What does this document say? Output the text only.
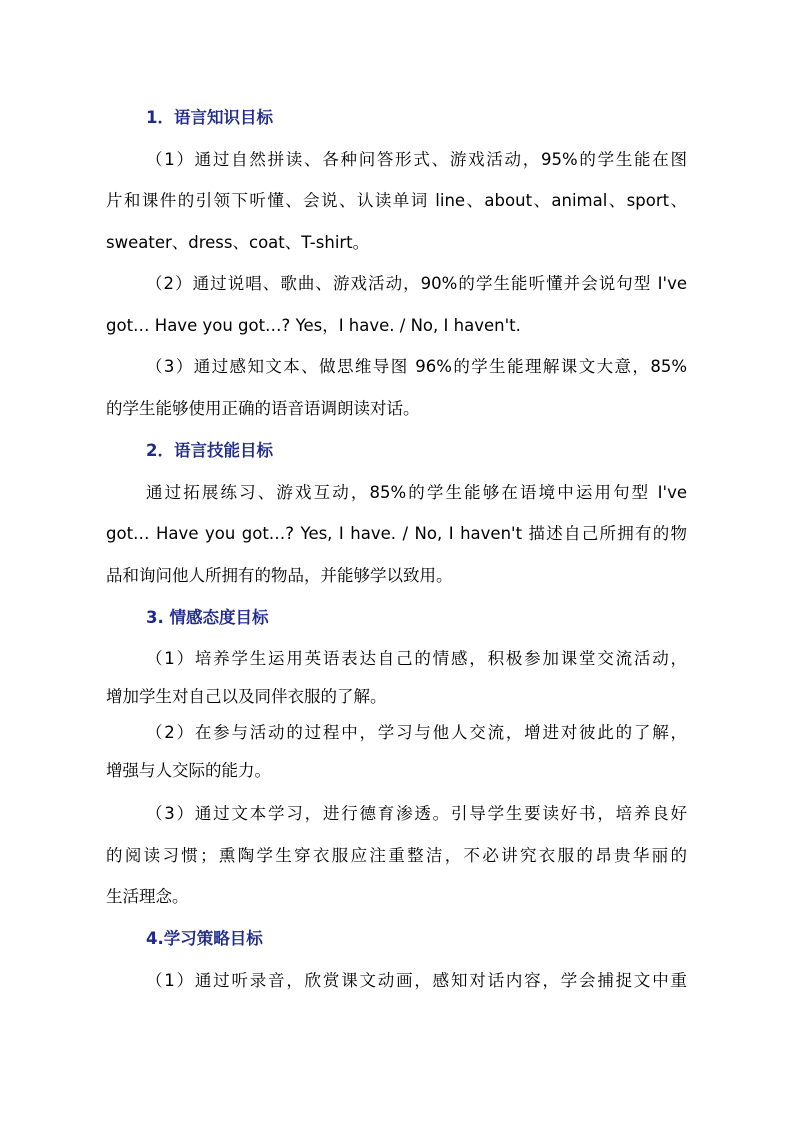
1．语言知识目标
（1）通过自然拼读、各种问答形式、游戏活动，95%的学生能在图
片和课件的引领下听懂、会说、认读单词 line、about、animal、sport、
sweater、dress、coat、T-shirt。
（2）通过说唱、歌曲、游戏活动，90%的学生能听懂并会说句型 I've
got… Have you got…? Yes，I have. / No, I haven't.
（3）通过感知文本、做思维导图 96%的学生能理解课文大意，85%
的学生能够使用正确的语音语调朗读对话。
2．语言技能目标
通过拓展练习、游戏互动，85%的学生能够在语境中运用句型 I've
got… Have you got…? Yes, I have. / No, I haven't 描述自己所拥有的物
品和询问他人所拥有的物品，并能够学以致用。
3. 情感态度目标
（1）培养学生运用英语表达自己的情感，积极参加课堂交流活动，
增加学生对自己以及同伴衣服的了解。
（2）在参与活动的过程中，学习与他人交流，增进对彼此的了解，
增强与人交际的能力。
（3）通过文本学习，进行德育渗透。引导学生要读好书，培养良好
的阅读习惯；熏陶学生穿衣服应注重整洁，不必讲究衣服的昂贵华丽的
生活理念。
4.学习策略目标
（1）通过听录音，欣赏课文动画，感知对话内容，学会捕捉文中重
